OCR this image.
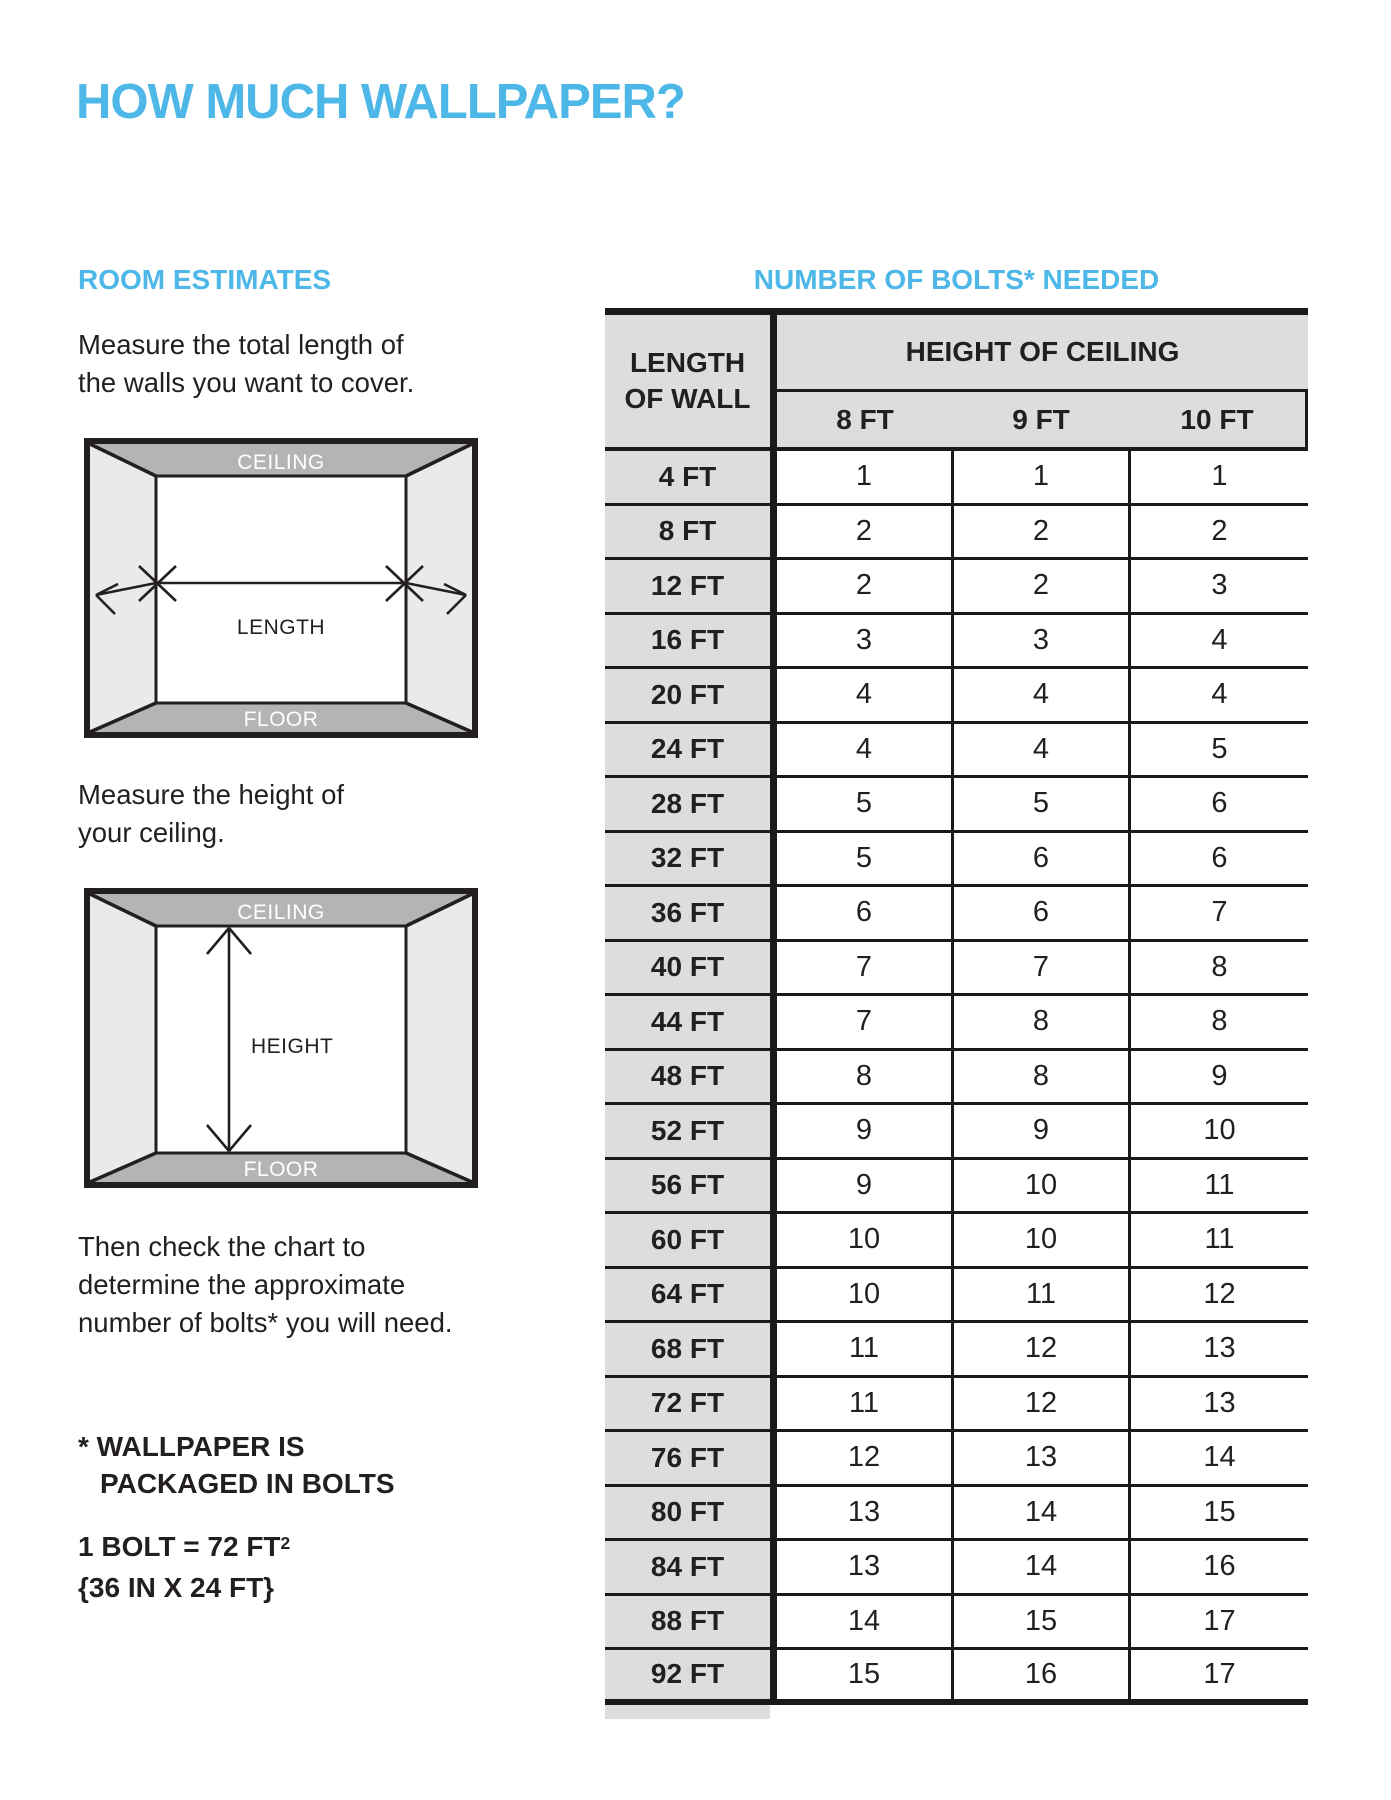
HOW MUCH WALLPAPER?
ROOM ESTIMATES
Measure the total length of
the walls you want to cover.
CEILING
FLOOR
LENGTH
Measure the height of
your ceiling.
CEILING
FLOOR
HEIGHT
Then check the chart to
determine the approximate
number of bolts* you will need.
* WALLPAPER IS
PACKAGED IN BOLTS
1 BOLT = 72 $FT^2$
{36 IN X 24 FT}
NUMBER OF BOLTS* NEEDED
LENGTH
OF WALL
HEIGHT OF CEILING
8 FT	9 FT	10 FT
4 FT	1	1	1
8 FT	2	2	2
12 FT	2	2	3
16 FT	3	3	4
20 FT	4	4	4
24 FT	4	4	5
28 FT	5	5	6
32 FT	5	6	6
36 FT	6	6	7
40 FT	7	7	8
44 FT	7	8	8
48 FT	8	8	9
52 FT	9	9	10
56 FT	9	10	11
60 FT	10	10	11
64 FT	10	11	12
68 FT	11	12	13
72 FT	11	12	13
76 FT	12	13	14
80 FT	13	14	15
84 FT	13	14	16
88 FT	14	15	17
92 FT	15	16	17
